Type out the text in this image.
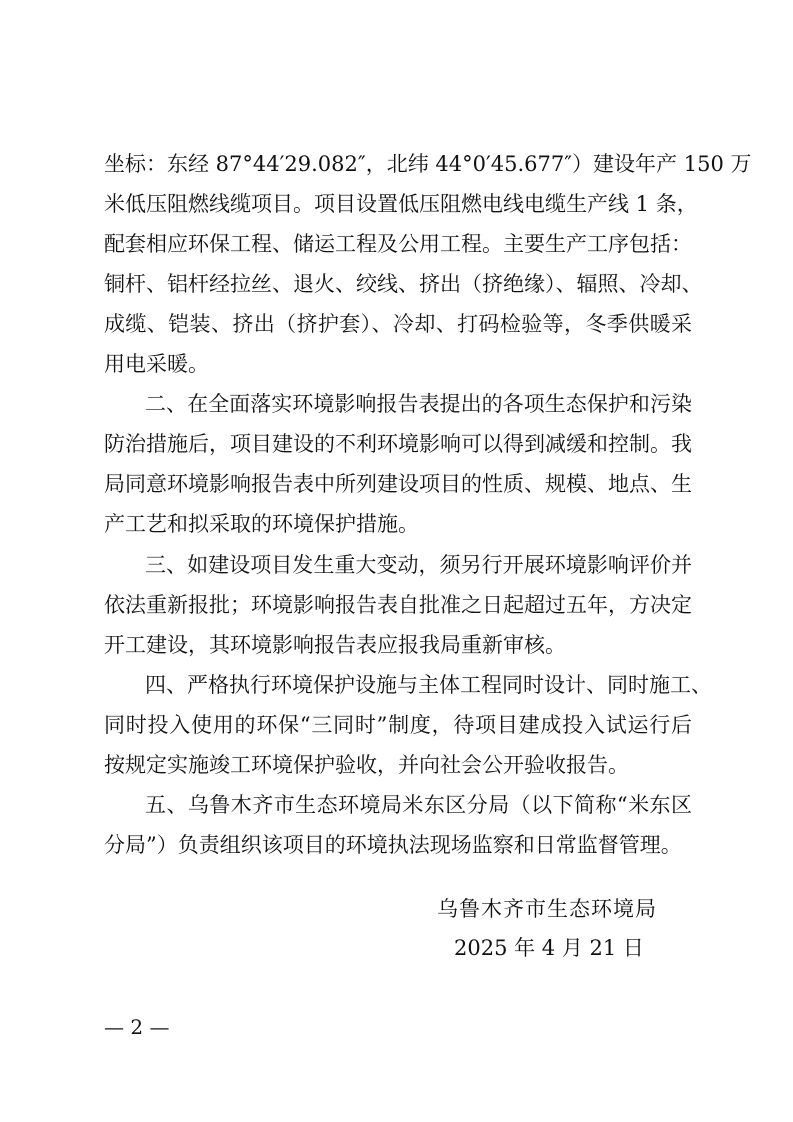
坐标：东经 87°44′29.082″，北纬 44°0′45.677″）建设年产 150 万
米低压阻燃线缆项目。项目设置低压阻燃电线电缆生产线 1 条，
配套相应环保工程、储运工程及公用工程。主要生产工序包括：
铜杆、铝杆经拉丝、退火、绞线、挤出（挤绝缘）、辐照、冷却、
成缆、铠装、挤出（挤护套）、冷却、打码检验等，冬季供暖采
用电采暖。
二、在全面落实环境影响报告表提出的各项生态保护和污染
防治措施后，项目建设的不利环境影响可以得到减缓和控制。我
局同意环境影响报告表中所列建设项目的性质、规模、地点、生
产工艺和拟采取的环境保护措施。
三、如建设项目发生重大变动，须另行开展环境影响评价并
依法重新报批；环境影响报告表自批准之日起超过五年，方决定
开工建设，其环境影响报告表应报我局重新审核。
四、严格执行环境保护设施与主体工程同时设计、同时施工、
同时投入使用的环保“三同时”制度，待项目建成投入试运行后
按规定实施竣工环境保护验收，并向社会公开验收报告。
五、乌鲁木齐市生态环境局米东区分局（以下简称“米东区
分局”）负责组织该项目的环境执法现场监察和日常监督管理。
乌鲁木齐市生态环境局
2025 年 4 月 21 日
— 2 —
